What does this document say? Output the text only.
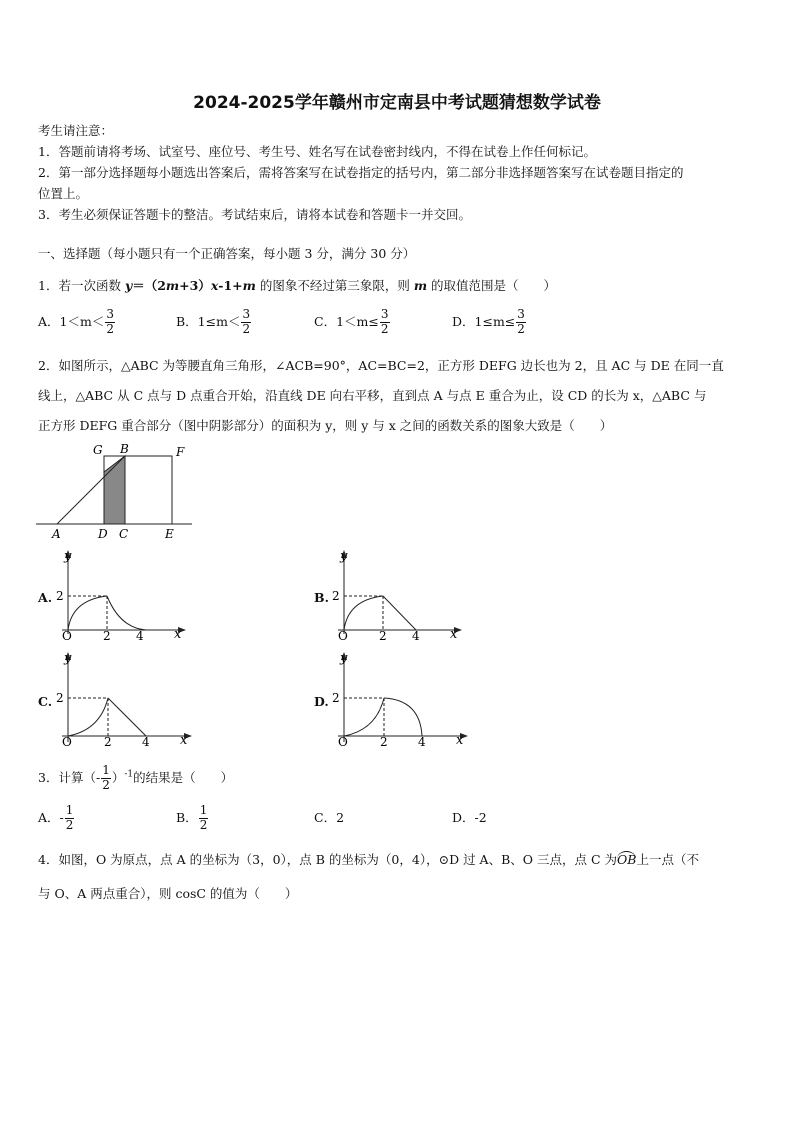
2024-2025学年赣州市定南县中考试题猜想数学试卷
考生请注意：
1．答题前请将考场、试室号、座位号、考生号、姓名写在试卷密封线内，不得在试卷上作任何标记。
2．第一部分选择题每小题选出答案后，需将答案写在试卷指定的括号内，第二部分非选择题答案写在试卷题目指定的
位置上。
3．考生必须保证答题卡的整洁。考试结束后，请将本试卷和答题卡一并交回。
一、选择题（每小题只有一个正确答案，每小题 3 分，满分 30 分）
1．若一次函数 y＝（2m+3）x-1+m 的图象不经过第三象限，则 m 的取值范围是（　　）
A．$1<m< \frac{3}{2}$	B．$1\le m< \frac{3}{2}$	C．$1<m\le \frac{3}{2}$	D．$1\le m\le \frac{3}{2}$
2．如图所示，△ABC 为等腰直角三角形，∠ACB=90°，AC=BC=2，正方形 DEFG 边长也为 2，且 AC 与 DE 在同一直
线上，△ABC 从 C 点与 D 点重合开始，沿直线 DE 向右平移，直到点 A 与点 E 重合为止，设 CD 的长为 x，△ABC 与
正方形 DEFG 重合部分（图中阴影部分）的面积为 y，则 y 与 x 之间的函数关系的图象大致是（　　）
G B	F
A	D C	E
A.
y
x
O
2
2 4
B.
y
x
O
2
2 4
C.
y
x
O
2
2	4
D.
y
x
O
2
2	4
3．计算（- $\frac{1}{2} )^{-1}$的结果是（　　）
A．- $\frac{1}{2}$	B． $\frac{1}{2}$	C．2	D．-2
4．如图，O 为原点，点 A 的坐标为（3，0），点 B 的坐标为（0，4），⊙D 过 A、B、O 三点，点 C 为OB上一点（不
与 O、A 两点重合），则 cosC 的值为（　　）
